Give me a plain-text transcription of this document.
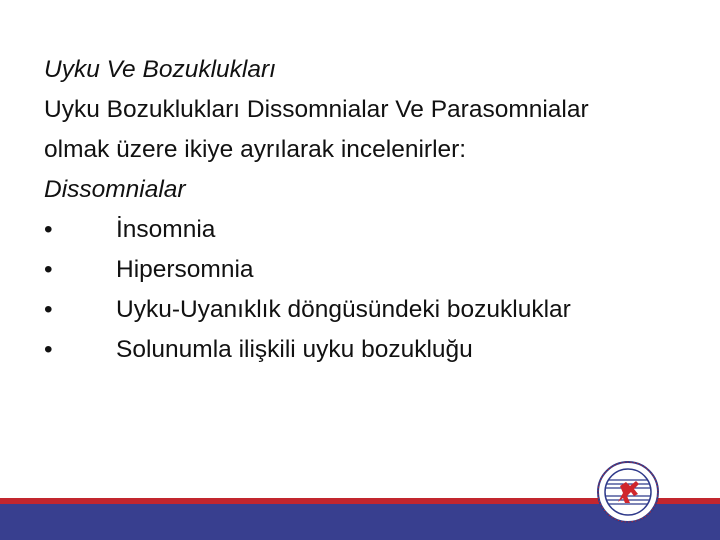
Uyku Ve Bozuklukları
Uyku Bozuklukları Dissomnialar Ve Parasomnialar
olmak üzere ikiye ayrılarak incelenirler:
Dissomnialar
•	İnsomnia
•	Hipersomnia
•	Uyku-Uyanıklık döngüsündeki bozukluklar
•	Solunumla ilişkili uyku bozukluğu
